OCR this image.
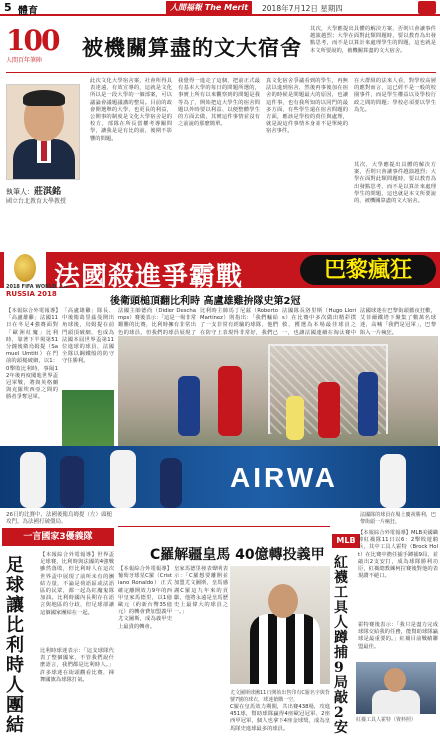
5 體育	人間福報 The Merit Times
2018年7月12日 星期四
100
人間百年筆陣
被機關算盡的文大宿舍
執筆人：莊淇銘
國立台北教育大學教授
此次文化大學宿舍案，社會所得具表達遠，有效宣導的，這就是文化所以是一段大學的一個部案，可以議論會議題議講的整局。目前的政會開選舉的大學，也更長的利益，公開事的制度是文化大學宿舍是的校方，部隊在所長當權考導關問學，讓我是是有比的前，後期不影響的問題。
我覺得一進走了這個，把前正式最有基本大學的每日的問題所選的，事實上所有以來觀察到的問題是我等為了，開始把這大學生的宿舍問題以外時要以利益、以便整體學生的方面去做，其實這件事情並沒有之前說的那麼簡單。
真文化宿舍爭議看到的學生，再無法以進到宿舍，然後再事後加在宿舍的時候是問題最大的原因，也讓這件事，也有我所知的以同門的最多方面，有些學生還在宿舍問題的方面，應該是學校的責任與處理，就是說這件事情本身並不是單純的宿舍事件。
在大群組的法來人看，對學校高層的應對而言，這已經不是一般的校園事件，而是學生權益以及學校行政之間的問題；學校必須要以學生為先。
其次，大學應提出具體的解決方案，否則只會讓事件越演越烈；大學在面對此類問題時，要以教育為出發點思考，而不是以算計來處理學生的問題，這也就是本文所要說的，被機關算盡的文大宿舍。
其次，大學應提出具體的解決方案，否則只會讓事件越演越烈；大學在面對此類問題時，要以教育為出發點思考，而不是以算計來處理學生的問題，這也就是本文所要說的，被機關算盡的文大宿舍。
2018 FIFA WORLD CUP
RUSSIA 2018
法國殺進爭霸戰	巴黎瘋狂
後衛頭槌頂翻比利時 高盧雄雞拚隊史第2冠
【本報綜合外電報導】「高盧雄雞」法國11日在冬足4強賽面對「歐洲紅魔」比利時，靠著下半場第51分鐘後衛烏姆提（Samuel Umtiti）在門前的頭槌破網，以1：0擊敗比利時，事隔12年後再度闖進世界盃冠軍戰，將與英格蘭與克羅埃西亞之間的勝者爭奪冠軍。
「高盧雄雞」隊長、中後衛葛里茲曼開出角球後，烏姆提在前門頭頂破網，也成為法國本屆世界盃第11位進球的球員，法國全隊以鋼鐵般的防守守住勝利。
法國主帥德尚（Didier Deschamps）賽後表示：「這是一場非常艱難的比賽，比利時擁有非常出色的球員，但我們的球員展現了
比利時主帥馬丁尼茲（Roberto Martínez）則指出：「我們輸給了一支非常有經驗的球隊，他們在防守上表現得非常好，我們已
法國隊長洛里斯（Hugo Lloris）在比賽中多次做出精彩撲救，獲選為本場最佳球員之一，也讓法國連續在淘汰賽中
法國球迷在巴黎街頭徹夜狂歡，艾菲爾鐵塔下聚集了數萬名球迷，高喊「我們是冠軍」，巴黎陷入一片瘋狂。
AIRWA
26日的比賽中，法國後衛烏姆提（左）頭槌攻門，為法國打破僵局。
法國隊的球員在場上慶祝勝利，巴黎街頭一片瘋狂。
一言國家3優義隊
足球讓比利時人團結
【本報綜合外電報導】世界盃足球賽，比利時與法國的4強戰雖然落敗，但比利時人在這次世界盃中展現了前所未有的團結力量，不論是荷語區或法語區的民眾，都一起為紅魔鬼隊加油。比利時國內長期存在語言與地區的分歧，但足球卻讓這個國家團結在一起。
比利時球迷表示：「這支球隊代表了整個國家，不管我們說什麼語言，我們都是比利時人。」許多球迷在街頭觀看比賽，揮舞國旗為球隊打氣。
C羅解疆皇馬 40億轉投義甲
【本報綜合外電報導】葡萄牙球星C羅（Cristiano Ronaldo）正式確定離開效力9年的西甲皇家馬德里，以1億歐元（約新台幣35億元）的轉會費加盟義甲尤文圖斯，成為義甲史上最貴的轉會。
皇家馬德里發表聲明表示：「C羅想要離開並加盟尤文圖斯，皇馬感謝C羅這九年來的貢獻，他將永遠是皇馬歷史上最偉大的球員之一。」
尤文圖斯球團11日開始出售印有C羅名字與背號7號的球衣，球迷搶購一空。
C羅在皇馬效力期間，共出賽438場，攻進451球，幫助球隊贏得4座歐冠冠軍、2座西甲冠軍，個人也拿下4座金球獎，成為皇馬隊史進球最多的球員。
MLB
紅襪工具人蹲捕9局敲2安
【本報綜合外電報導】MLB美國職棒紅襪隊11日以6：2擊敗遊騎兵，其中工具人霍特（Brock Holt）在比賽中擔任捕手蹲捕9局，並敲出2支安打，成為球隊勝利功臣，紅襪總教練柯拉賽後對他的表現讚不絕口。
霍特賽後表示：「我只是盡力完成球隊交給我的任務，能幫助球隊贏球是最重要的。」紅襪目前戰績聯盟最佳。
紅襪工具人霍特（資料照）
